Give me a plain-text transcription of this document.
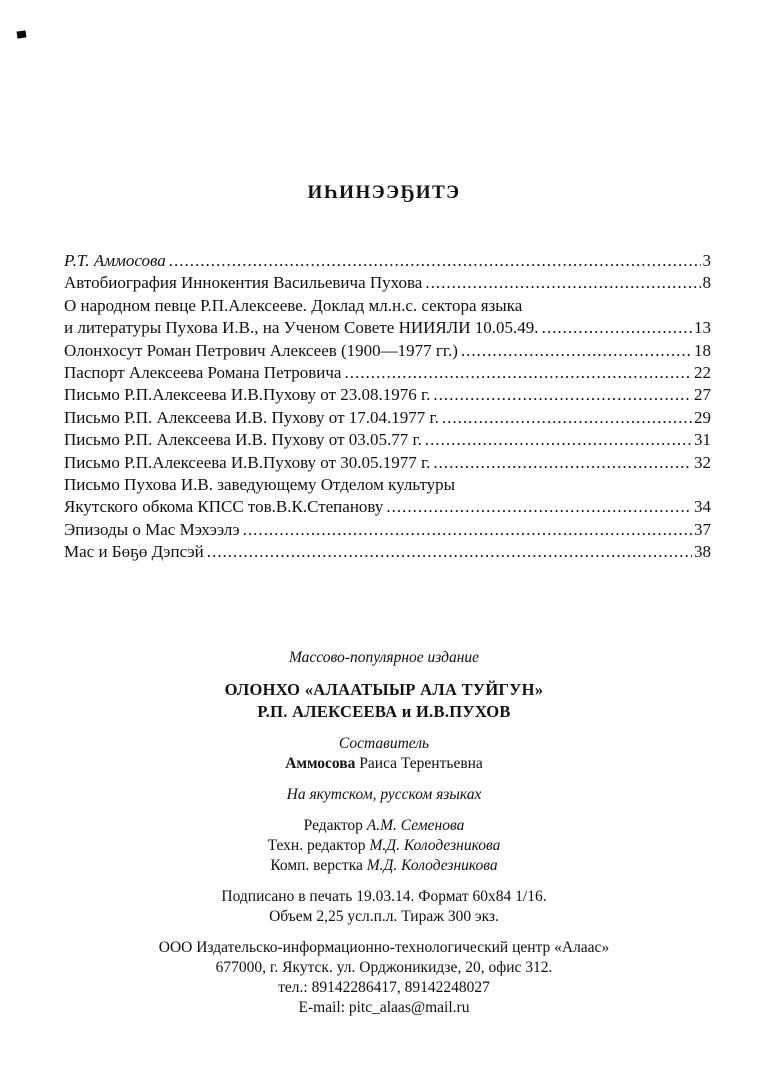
ИҺИНЭЭҔИТЭ
Р.Т. Аммосова .....	3
Автобиография Иннокентия Васильевича Пухова .....	8
О народном певце Р.П.Алексееве. Доклад мл.н.с. сектора языка
и литературы Пухова И.В., на Ученом Совете НИИЯЛИ 10.05.49. .....	13
Олонхосут Роман Петрович Алексеев (1900—1977 гг.) .....	18
Паспорт Алексеева Романа Петровича .....	22
Письмо Р.П.Алексеева И.В.Пухову от 23.08.1976 г. .....	27
Письмо Р.П. Алексеева И.В. Пухову от 17.04.1977 г. .....	29
Письмо Р.П. Алексеева И.В. Пухову от 03.05.77 г. .....	31
Письмо Р.П.Алексеева И.В.Пухову от 30.05.1977 г. .....	32
Письмо Пухова И.В. заведующему Отделом культуры
Якутского обкома КПСС тов.В.К.Степанову .....	34
Эпизоды о Мас Мэхээлэ .....	37
Мас и Бөҕө Дэпсэй .....	38
Массово-популярное издание
ОЛОНХО «АЛААТЫЫР АЛА ТУЙГУН»
Р.П. АЛЕКСЕЕВА и И.В.ПУХОВ
Составитель
Аммосова Раиса Терентьевна
На якутском, русском языках
Редактор А.М. Семенова
Техн. редактор М.Д. Колодезникова
Комп. верстка М.Д. Колодезникова
Подписано в печать 19.03.14. Формат 60х84 1/16.
Объем 2,25 усл.п.л. Тираж 300 экз.
ООО Издательско-информационно-технологический центр «Алаас»
677000, г. Якутск. ул. Орджоникидзе, 20, офис 312.
тел.: 89142286417, 89142248027
E-mail: pitc_alaas@mail.ru
